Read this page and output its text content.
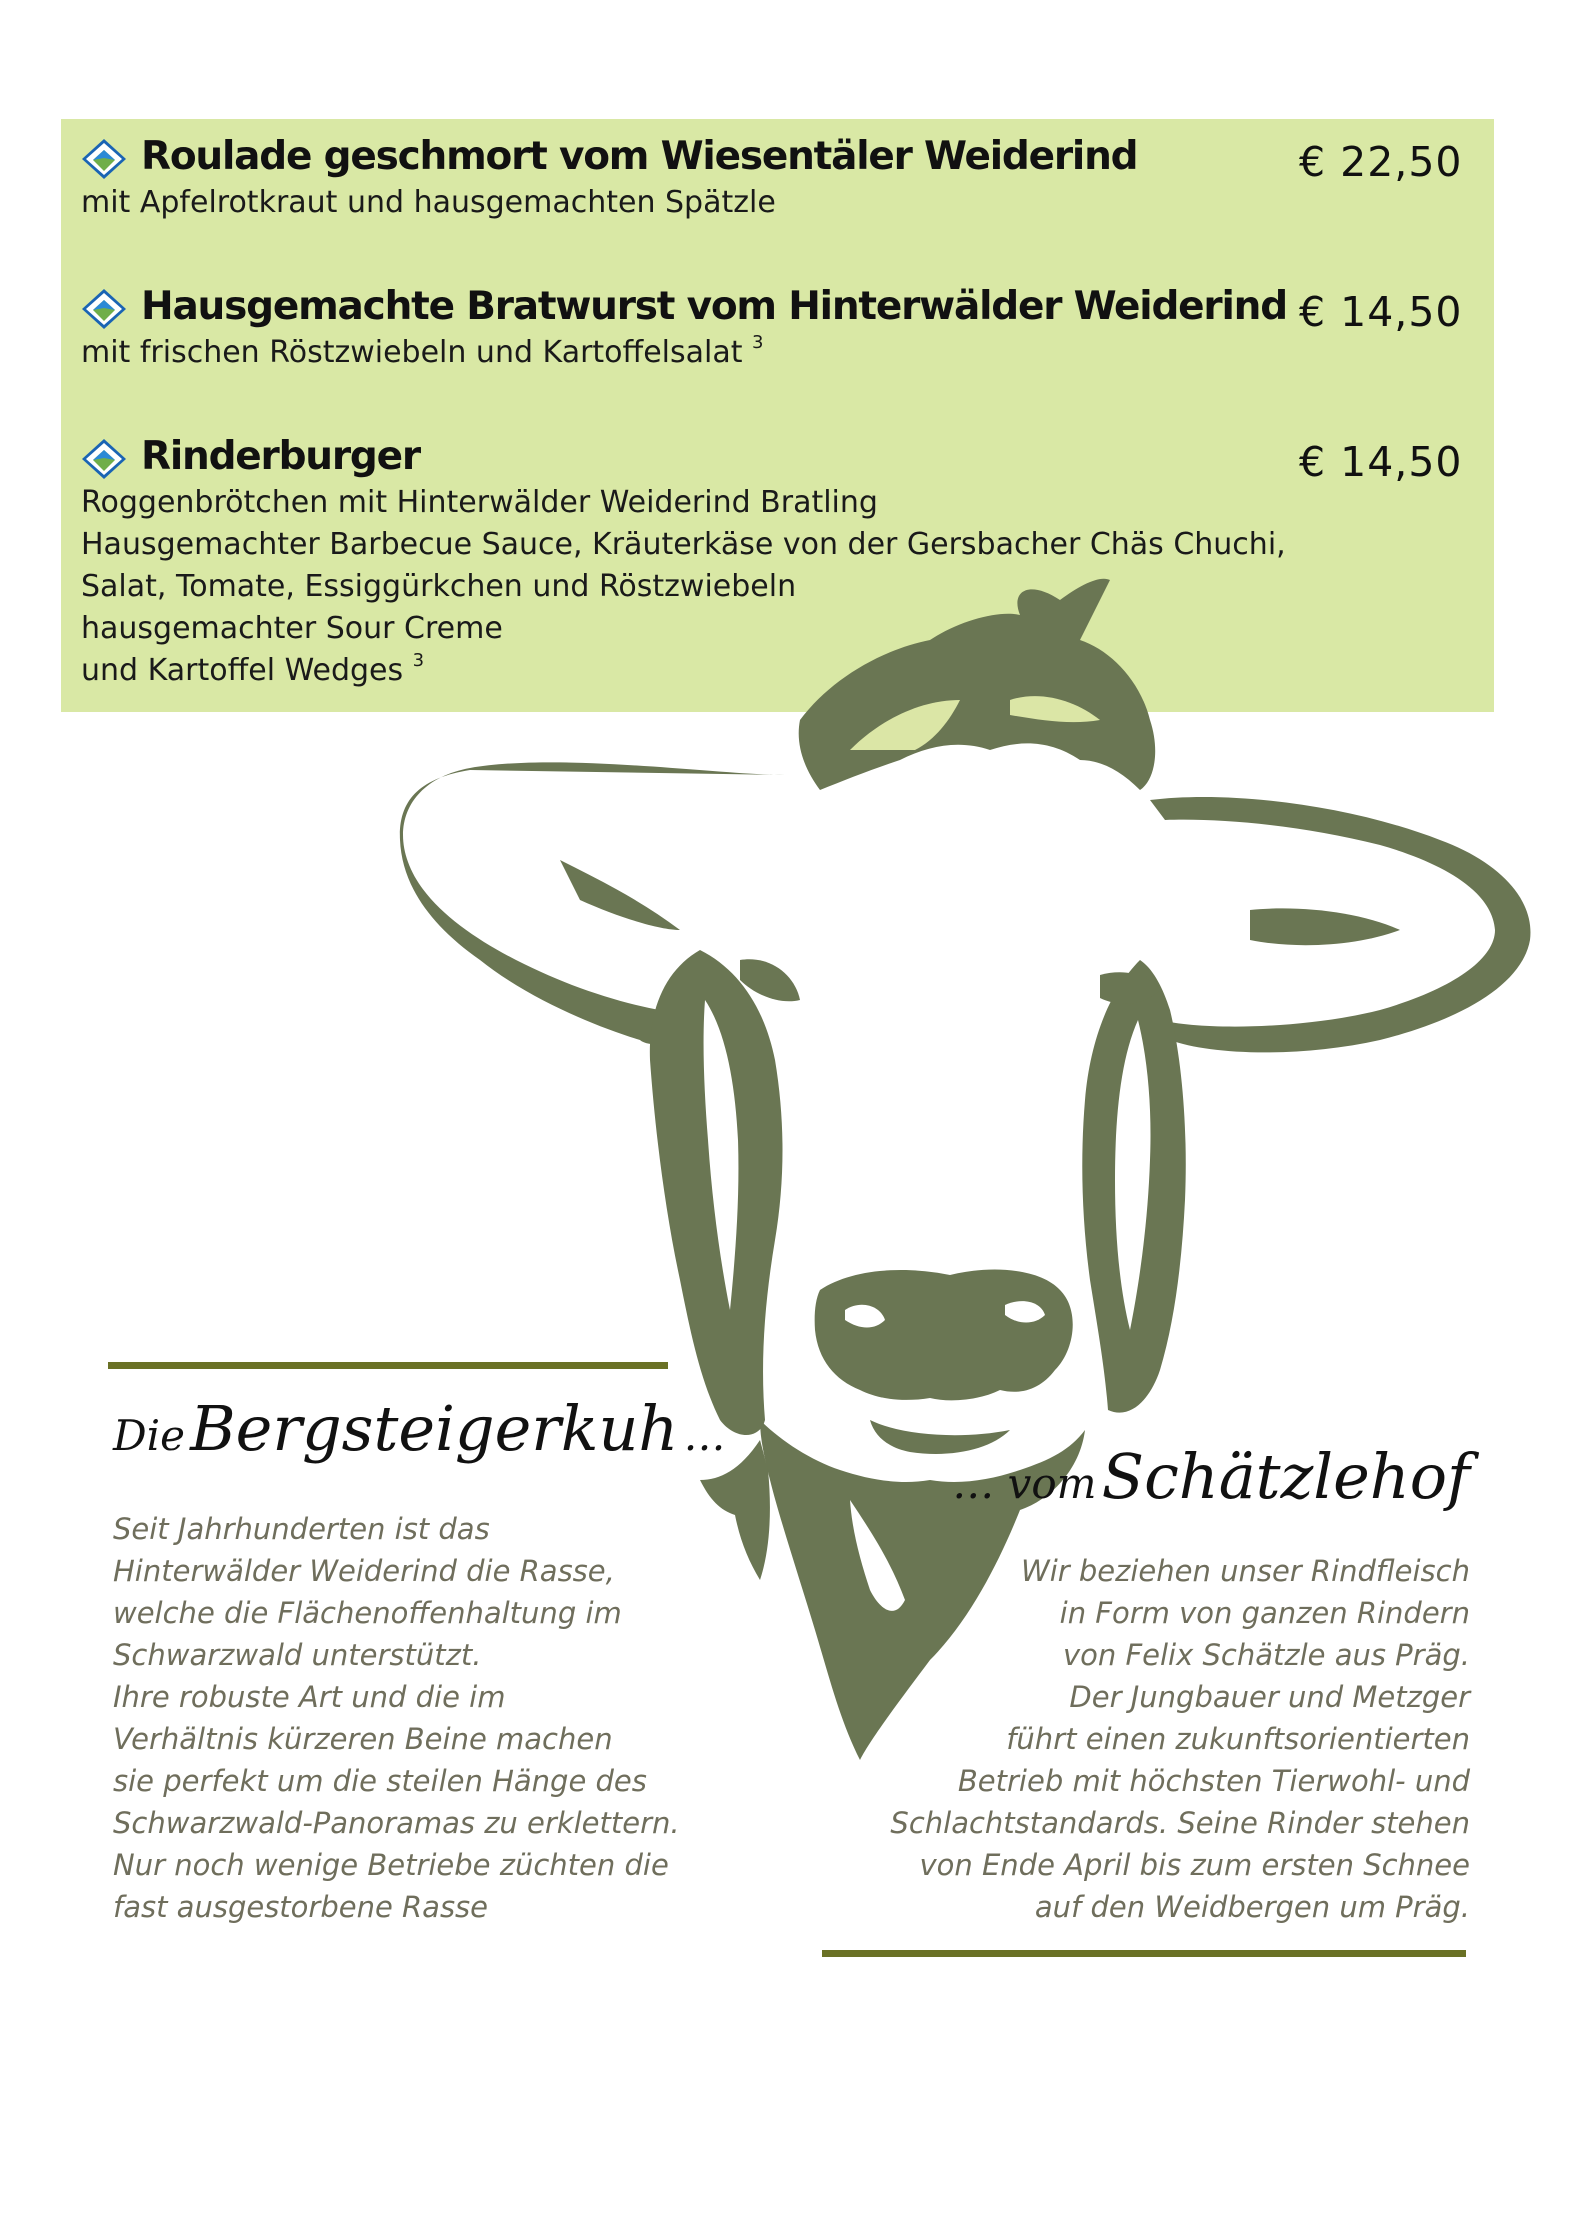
Roulade geschmort vom Wiesentäler Weiderind	€ 22,50
mit Apfelrotkraut und hausgemachten Spätzle
Hausgemachte Bratwurst vom Hinterwälder Weiderind € 14,50
mit frischen Röstzwiebeln und Kartoffelsalat $^3$
Rinderburger	€ 14,50
Roggenbrötchen mit Hinterwälder Weiderind Bratling
Hausgemachter Barbecue Sauce, Kräuterkäse von der Gersbacher Chäs Chuchi,
Salat, Tomate, Essiggürkchen und Röstzwiebeln
hausgemachter Sour Creme
und Kartoffel Wedges $^3$
Die Bergsteigerkuh …
Seit Jahrhunderten ist das
Hinterwälder Weiderind die Rasse,
welche die Flächenoffenhaltung im
Schwarzwald unterstützt.
Ihre robuste Art und die im
Verhältnis kürzeren Beine machen
sie perfekt um die steilen Hänge des
Schwarzwald-Panoramas zu erklettern.
Nur noch wenige Betriebe züchten die
fast ausgestorbene Rasse
… vom Schätzlehof
Wir beziehen unser Rindfleisch
in Form von ganzen Rindern
von Felix Schätzle aus Präg.
Der Jungbauer und Metzger
führt einen zukunftsorientierten
Betrieb mit höchsten Tierwohl- und
Schlachtstandards. Seine Rinder stehen
von Ende April bis zum ersten Schnee
auf den Weidbergen um Präg.
